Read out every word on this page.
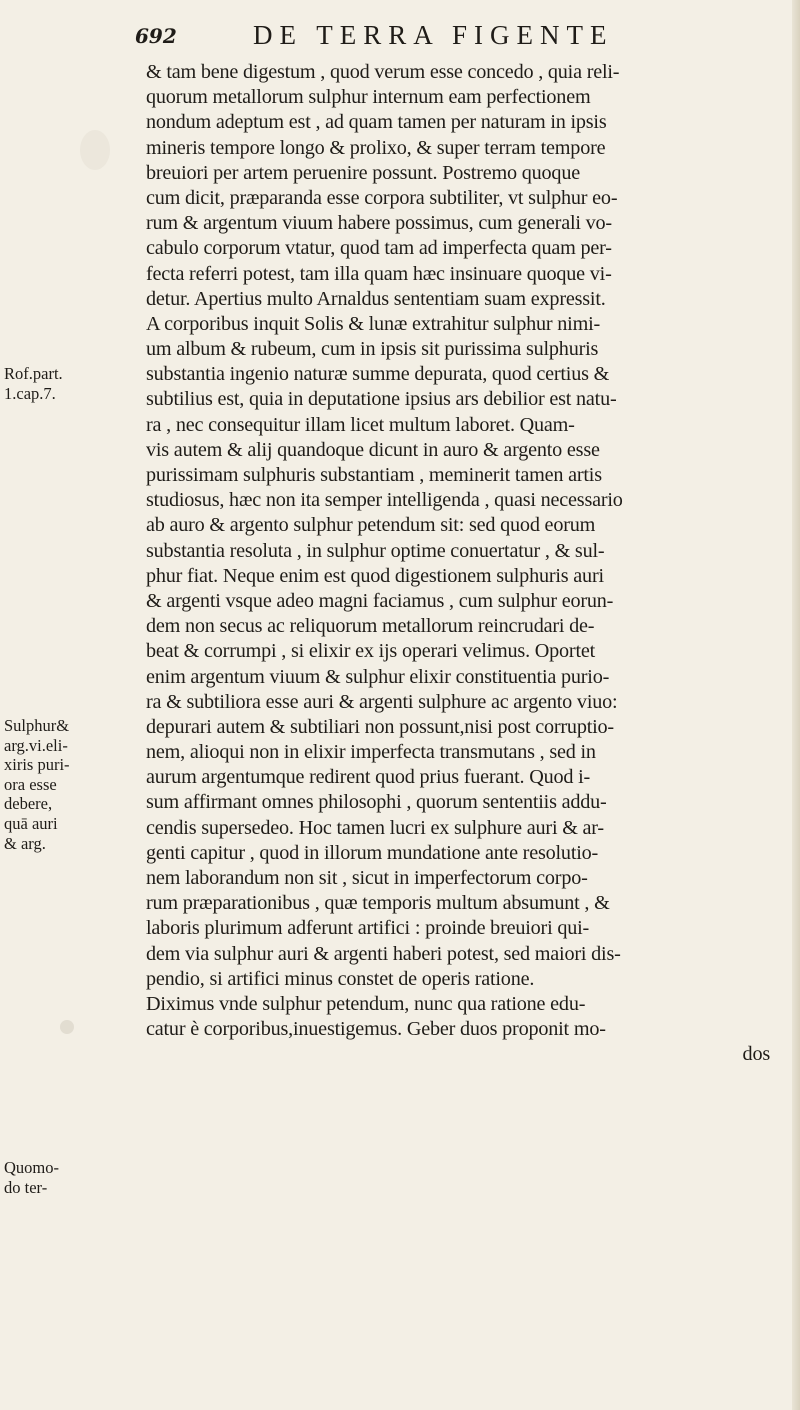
692	DE TERRA FIGENTE
Rof.part.
1.cap.7.
Sulphur&
arg.vi.eli-
xiris puri-
ora esse
debere,
quā auri
& arg.
Quomo-
do ter-
& tam bene digestum , quod verum esse concedo , quia reli-
quorum metallorum sulphur internum eam perfectionem
nondum adeptum est , ad quam tamen per naturam in ipsis
mineris tempore longo & prolixo, & super terram tempore
breuiori per artem peruenire possunt. Postremo quoque
cum dicit, præparanda esse corpora subtiliter, vt sulphur eo-
rum & argentum viuum habere possimus, cum generali vo-
cabulo corporum vtatur, quod tam ad imperfecta quam per-
fecta referri potest, tam illa quam hæc insinuare quoque vi-
detur. Apertius multo Arnaldus sententiam suam expressit.
A corporibus inquit Solis & lunæ extrahitur sulphur nimi-
um album & rubeum, cum in ipsis sit purissima sulphuris
substantia ingenio naturæ summe depurata, quod certius &
subtilius est, quia in deputatione ipsius ars debilior est natu-
ra , nec consequitur illam licet multum laboret. Quam-
vis autem & alij quandoque dicunt in auro & argento esse
purissimam sulphuris substantiam , meminerit tamen artis
studiosus, hæc non ita semper intelligenda , quasi necessario
ab auro & argento sulphur petendum sit: sed quod eorum
substantia resoluta , in sulphur optime conuertatur , & sul-
phur fiat. Neque enim est quod digestionem sulphuris auri
& argenti vsque adeo magni faciamus , cum sulphur eorun-
dem non secus ac reliquorum metallorum reincrudari de-
beat & corrumpi , si elixir ex ijs operari velimus. Oportet
enim argentum viuum & sulphur elixir constituentia purio-
ra & subtiliora esse auri & argenti sulphure ac argento viuo:
depurari autem & subtiliari non possunt,nisi post corruptio-
nem, alioqui non in elixir imperfecta transmutans , sed in
aurum argentumque redirent quod prius fuerant. Quod i-
sum affirmant omnes philosophi , quorum sententiis addu-
cendis supersedeo. Hoc tamen lucri ex sulphure auri & ar-
genti capitur , quod in illorum mundatione ante resolutio-
nem laborandum non sit , sicut in imperfectorum corpo-
rum præparationibus , quæ temporis multum absumunt , &
laboris plurimum adferunt artifici : proinde breuiori qui-
dem via sulphur auri & argenti haberi potest, sed maiori dis-
pendio, si artifici minus constet de operis ratione.
Diximus vnde sulphur petendum, nunc qua ratione edu-
catur è corporibus,inuestigemus. Geber duos proponit mo-
dos
